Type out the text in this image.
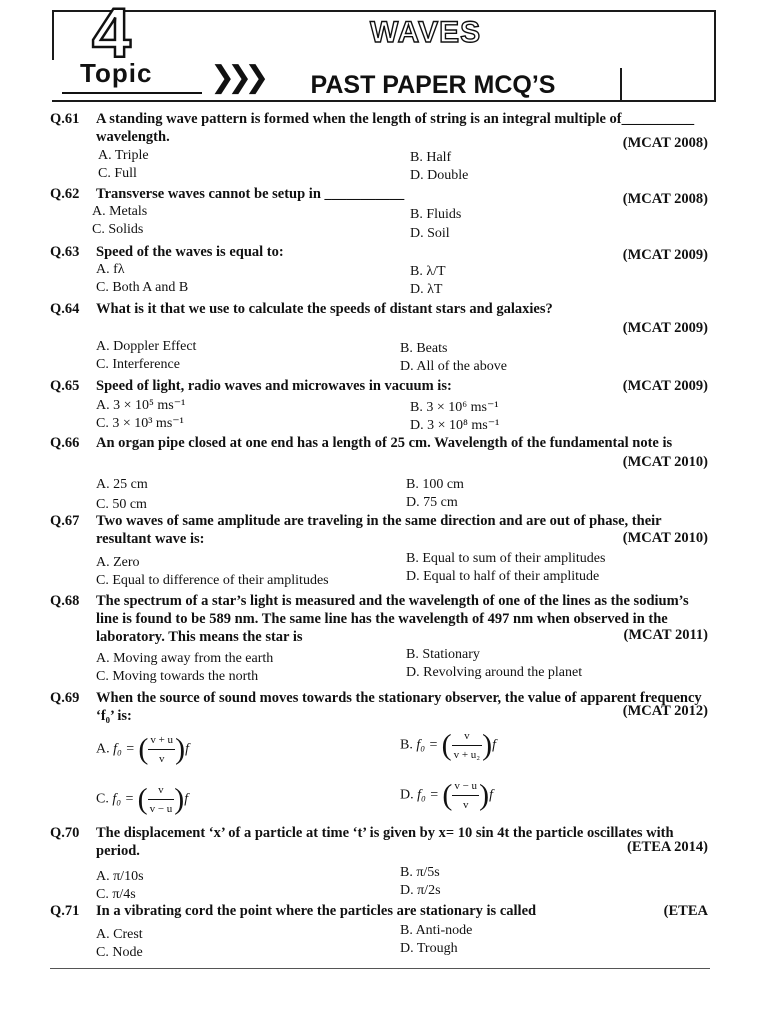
4
Topic ❯❯❯
WAVES
PAST PAPER MCQ’S
Q.61 A standing wave pattern is formed when the length of string is an integral multiple of__________ wavelength.	(MCAT 2008)
A. Triple	B. Half
C. Full	D. Double
Q.62 Transverse waves cannot be setup in ___________	(MCAT 2008)
A. Metals	B. Fluids
C. Solids	D. Soil
Q.63 Speed of the waves is equal to:	(MCAT 2009)
A. fλ	B. λ/T
C. Both A and B	D. λT
Q.64 What is it that we use to calculate the speeds of distant stars and galaxies?
(MCAT 2009)
A. Doppler Effect	B. Beats
C. Interference	D. All of the above
Q.65 Speed of light, radio waves and microwaves in vacuum is:	(MCAT 2009)
A. 3 × 10⁵ ms⁻¹	B. 3 × 10⁶ ms⁻¹
C. 3 × 10³ ms⁻¹	D. 3 × 10⁸ ms⁻¹
Q.66 An organ pipe closed at one end has a length of 25 cm. Wavelength of the fundamental note is
(MCAT 2010)
A. 25 cm	B. 100 cm
C. 50 cm	D. 75 cm
Q.67 Two waves of same amplitude are traveling in the same direction and are out of phase, their resultant wave is:	(MCAT 2010)
A. Zero	B. Equal to sum of their amplitudes
C. Equal to difference of their amplitudes	D. Equal to half of their amplitude
Q.68 The spectrum of a star’s light is measured and the wavelength of one of the lines as the sodium’s line is found to be 589 nm. The same line has the wavelength of 497 nm when observed in the laboratory. This means the star is	(MCAT 2011)
A. Moving away from the earth	B. Stationary
C. Moving towards the north	D. Revolving around the planet
Q.69 When the source of sound moves towards the stationary observer, the value of apparent frequency ‘f₀’ is:	(MCAT 2012)
A. f₀ = ( $\frac{v + u}{v} )f$	B. f₀ = ( $\frac{v}{\text{v + u₂}} )f$
C. f₀ = ( $\frac{v}{v - u} )f$	D. f₀ = ( $\frac{v - u}{v} )f$
Q.70 The displacement ‘x’ of a particle at time ‘t’ is given by x= 10 sin 4t the particle oscillates with period.	(ETEA 2014)
A. π/10s	B. π/5s
C. π/4s	D. π/2s
Q.71 In a vibrating cord the point where the particles are stationary is called	(ETEA
A. Crest	B. Anti-node
C. Node	D. Trough
